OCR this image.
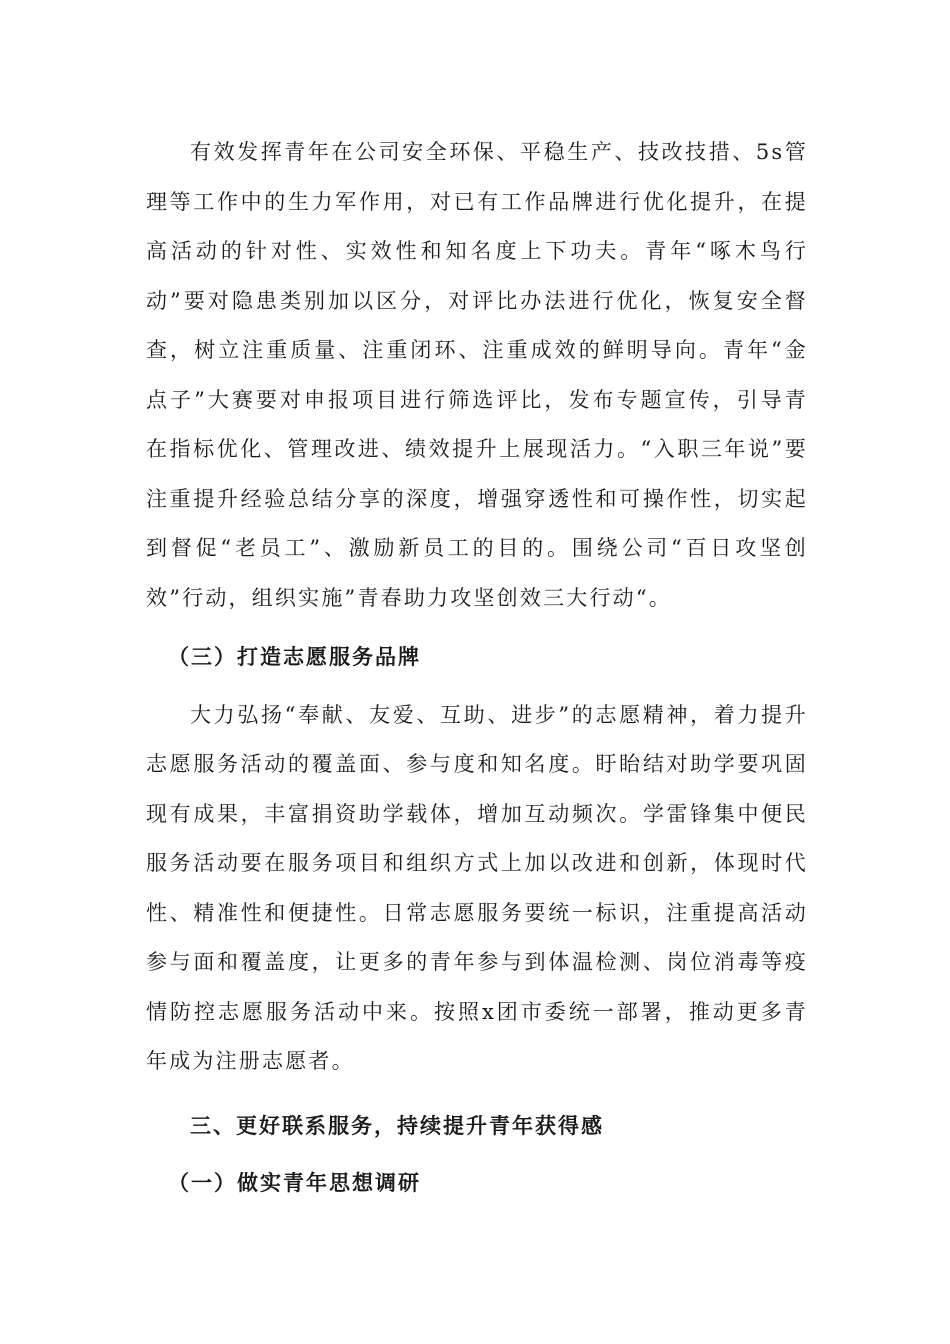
有效发挥青年在公司安全环保、平稳生产、技改技措、5s管理等工作中的生力军作用，对已有工作品牌进行优化提升，在提高活动的针对性、实效性和知名度上下功夫。青年“啄木鸟行动”要对隐患类别加以区分，对评比办法进行优化，恢复安全督查，树立注重质量、注重闭环、注重成效的鲜明导向。青年“金点子”大赛要对申报项目进行筛选评比，发布专题宣传，引导青在指标优化、管理改进、绩效提升上展现活力。“入职三年说”要注重提升经验总结分享的深度，增强穿透性和可操作性，切实起到督促“老员工”、激励新员工的目的。围绕公司“百日攻坚创效”行动，组织实施”青春助力攻坚创效三大行动“。

（三）打造志愿服务品牌

大力弘扬“奉献、友爱、互助、进步”的志愿精神，着力提升志愿服务活动的覆盖面、参与度和知名度。盱眙结对助学要巩固现有成果，丰富捐资助学载体，增加互动频次。学雷锋集中便民服务活动要在服务项目和组织方式上加以改进和创新，体现时代性、精准性和便捷性。日常志愿服务要统一标识，注重提高活动参与面和覆盖度，让更多的青年参与到体温检测、岗位消毒等疫情防控志愿服务活动中来。按照x团市委统一部署，推动更多青年成为注册志愿者。

三、更好联系服务，持续提升青年获得感

（一）做实青年思想调研
